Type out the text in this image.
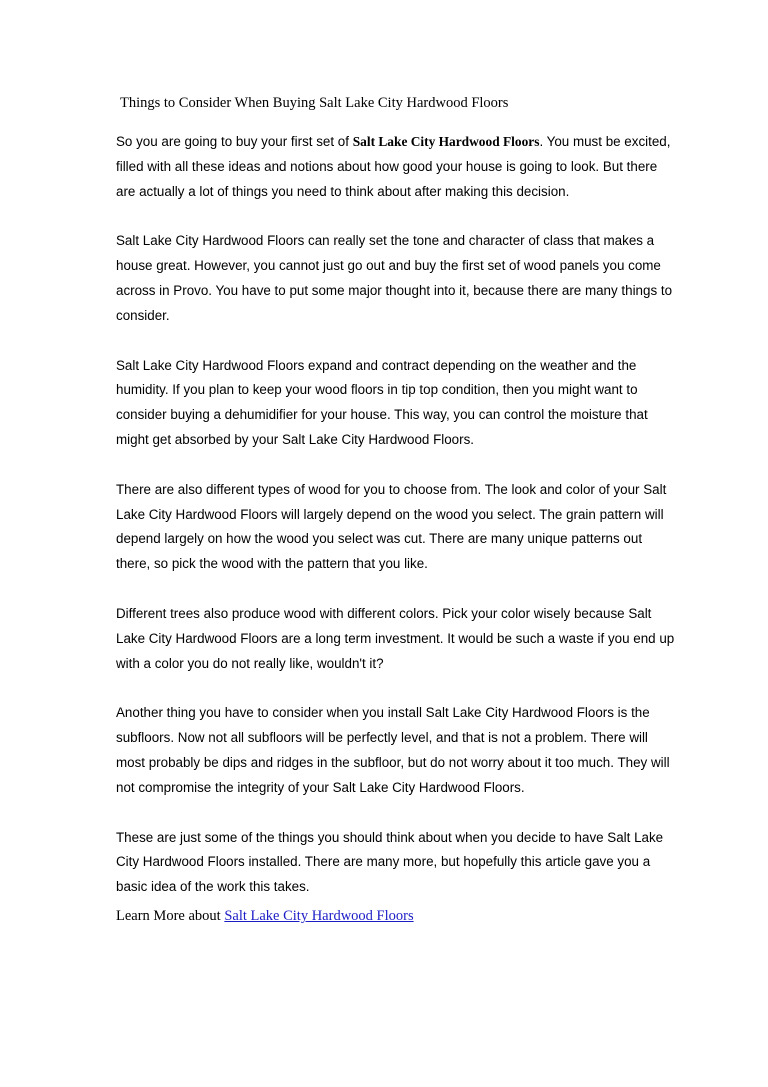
Things to Consider When Buying Salt Lake City Hardwood Floors

So you are going to buy your first set of Salt Lake City Hardwood Floors. You must be excited, filled with all these ideas and notions about how good your house is going to look. But there are actually a lot of things you need to think about after making this decision.

Salt Lake City Hardwood Floors can really set the tone and character of class that makes a house great. However, you cannot just go out and buy the first set of wood panels you come across in Provo. You have to put some major thought into it, because there are many things to consider.

Salt Lake City Hardwood Floors expand and contract depending on the weather and the humidity. If you plan to keep your wood floors in tip top condition, then you might want to consider buying a dehumidifier for your house. This way, you can control the moisture that might get absorbed by your Salt Lake City Hardwood Floors.

There are also different types of wood for you to choose from. The look and color of your Salt Lake City Hardwood Floors will largely depend on the wood you select. The grain pattern will depend largely on how the wood you select was cut. There are many unique patterns out there, so pick the wood with the pattern that you like.

Different trees also produce wood with different colors. Pick your color wisely because Salt Lake City Hardwood Floors are a long term investment. It would be such a waste if you end up with a color you do not really like, wouldn't it?

Another thing you have to consider when you install Salt Lake City Hardwood Floors is the subfloors. Now not all subfloors will be perfectly level, and that is not a problem. There will most probably be dips and ridges in the subfloor, but do not worry about it too much. They will not compromise the integrity of your Salt Lake City Hardwood Floors.

These are just some of the things you should think about when you decide to have Salt Lake City Hardwood Floors installed. There are many more, but hopefully this article gave you a basic idea of the work this takes.

Learn More about Salt Lake City Hardwood Floors
